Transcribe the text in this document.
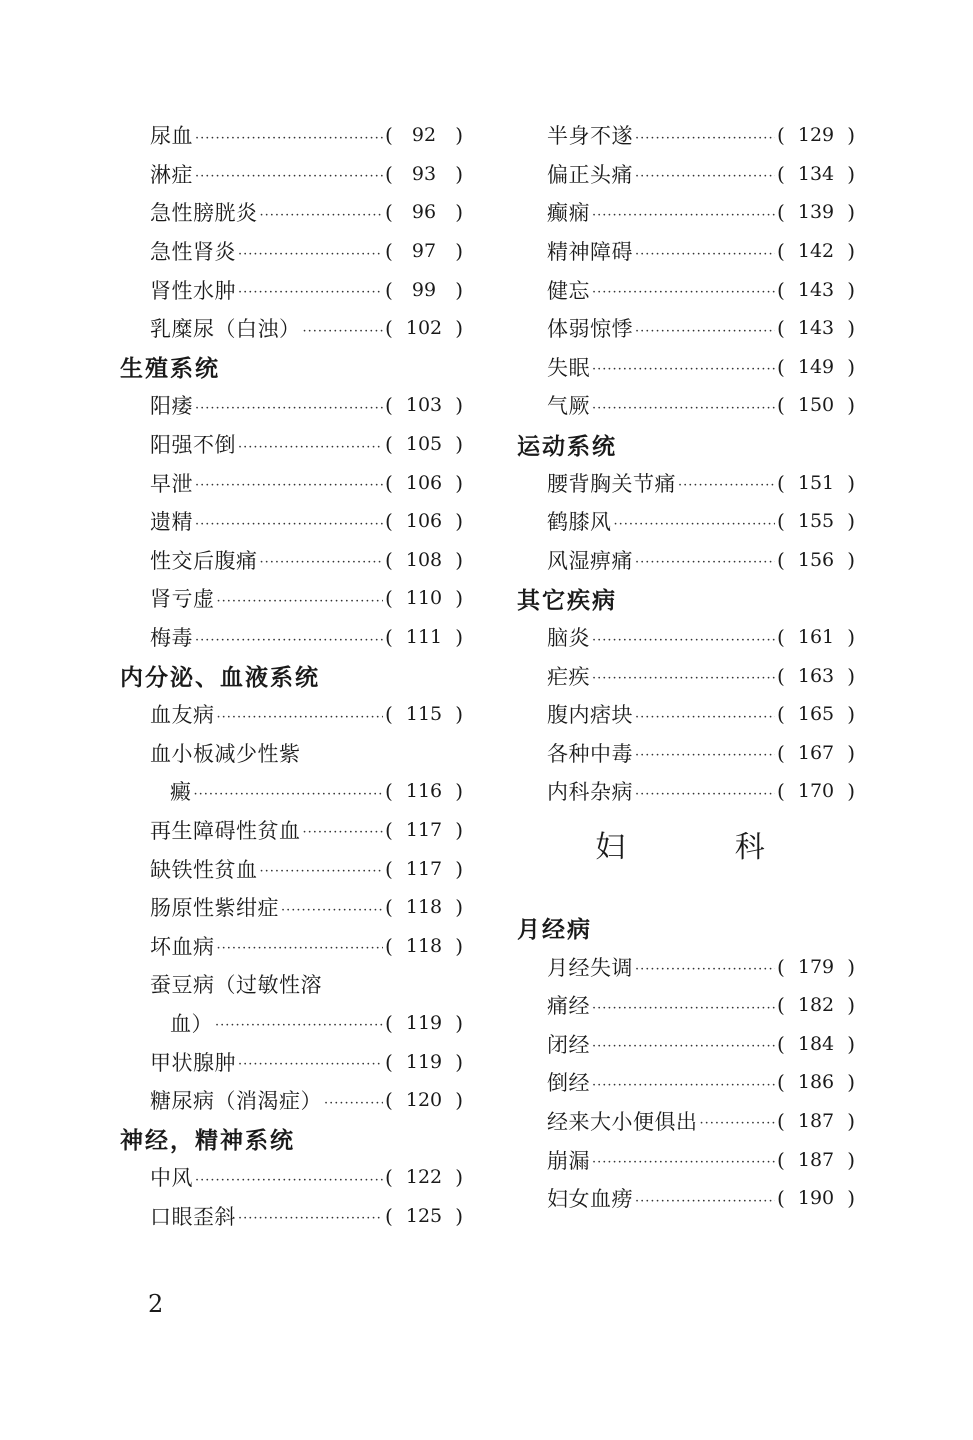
尿血 ·····	(	92 )
淋症 ·····	(	93 )
急性膀胱炎 ·····	(	96 )
急性肾炎 ·····	(	97 )
肾性水肿 ·····	(	99 )
乳糜尿（白浊） ·····	( 102 )
生殖系统
阳痿 ·····	( 103 )
阳强不倒 ·····	( 105 )
早泄 ·····	( 106 )
遗精 ·····	( 106 )
性交后腹痛 ·····	( 108 )
肾亏虚 ·····	( 110 )
梅毒 ·····	( 111 )
内分泌、血液系统
血友病 ·····	( 115 )
血小板减少性紫
癜 ·····	( 116 )
再生障碍性贫血 ·····	( 117 )
缺铁性贫血 ·····	( 117 )
肠原性紫绀症 ·····	( 118 )
坏血病 ·····	( 118 )
蚕豆病（过敏性溶
血） ·····	( 119 )
甲状腺肿 ·····	( 119 )
糖尿病（消渴症） ·····	( 120 )
神经，精神系统
中风 ·····	( 122 )
口眼歪斜 ·····	( 125 )
半身不遂 ·····	( 129 )
偏正头痛 ·····	( 134 )
癫痫 ·····	( 139 )
精神障碍 ·····	( 142 )
健忘 ·····	( 143 )
体弱惊悸 ·····	( 143 )
失眠 ·····	( 149 )
气厥 ·····	( 150 )
运动系统
腰背胸关节痛 ·····	( 151 )
鹤膝风 ·····	( 155 )
风湿痹痛 ·····	( 156 )
其它疾病
脑炎 ·····	( 161 )
疟疾 ·····	( 163 )
腹内痞块 ·····	( 165 )
各种中毒 ·····	( 167 )
内科杂病 ·····	( 170 )
妇 科
月经病
月经失调 ·····	( 179 )
痛经 ·····	( 182 )
闭经 ·····	( 184 )
倒经 ·····	( 186 )
经来大小便俱出 ·····	( 187 )
崩漏 ·····	( 187 )
妇女血痨 ·····	( 190 )
2
